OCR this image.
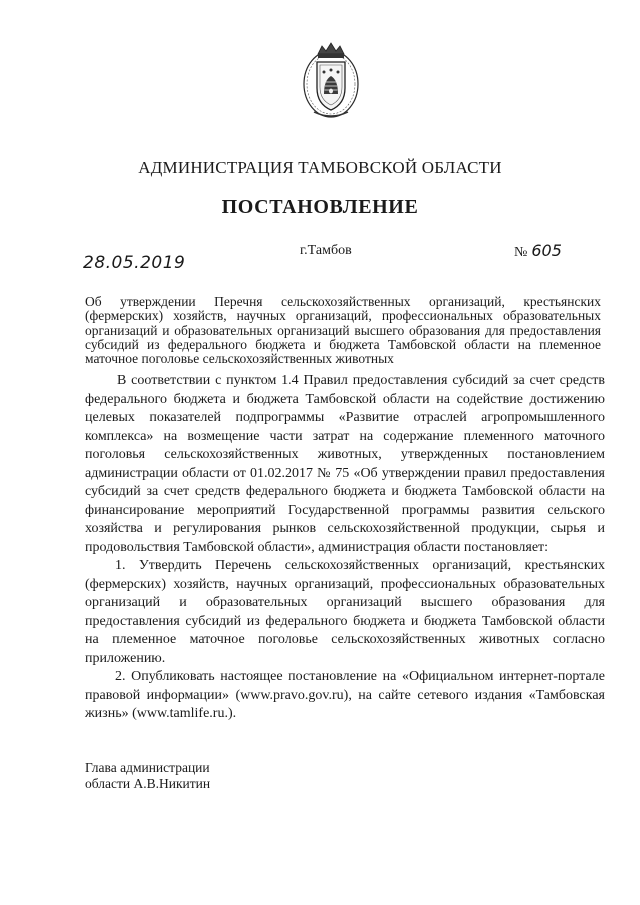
АДМИНИСТРАЦИЯ ТАМБОВСКОЙ ОБЛАСТИ
ПОСТАНОВЛЕНИЕ
г.Тамбов	№ 605
28.05.2019
Об утверждении Перечня сельскохозяйственных организаций, крестьянских (фермерских) хозяйств, научных организаций, профессиональных образовательных организаций и образовательных организаций высшего образования для предоставления субсидий из федерального бюджета и бюджета Тамбовской области на племенное маточное поголовье сельскохозяйственных животных

В соответствии с пунктом 1.4 Правил предоставления субсидий за счет средств федерального бюджета и бюджета Тамбовской области на содействие достижению целевых показателей подпрограммы «Развитие отраслей агропромышленного комплекса» на возмещение части затрат на содержание племенного маточного поголовья сельскохозяйственных животных, утвержденных постановлением администрации области от 01.02.2017 № 75 «Об утверждении правил предоставления субсидий за счет средств федерального бюджета и бюджета Тамбовской области на финансирование мероприятий Государственной программы развития сельского хозяйства и регулирования рынков сельскохозяйственной продукции, сырья и продовольствия Тамбовской области», администрация области постановляет:

1. Утвердить Перечень сельскохозяйственных организаций, крестьянских (фермерских) хозяйств, научных организаций, профессиональных образовательных организаций и образовательных организаций высшего образования для предоставления субсидий из федерального бюджета и бюджета Тамбовской области на племенное маточное поголовье сельскохозяйственных животных согласно приложению.

2. Опубликовать настоящее постановление на «Официальном интернет-портале правовой информации» (www.pravo.gov.ru), на сайте сетевого издания «Тамбовская жизнь» (www.tamlife.ru.).

Глава администрации
области А.В.Никитин
